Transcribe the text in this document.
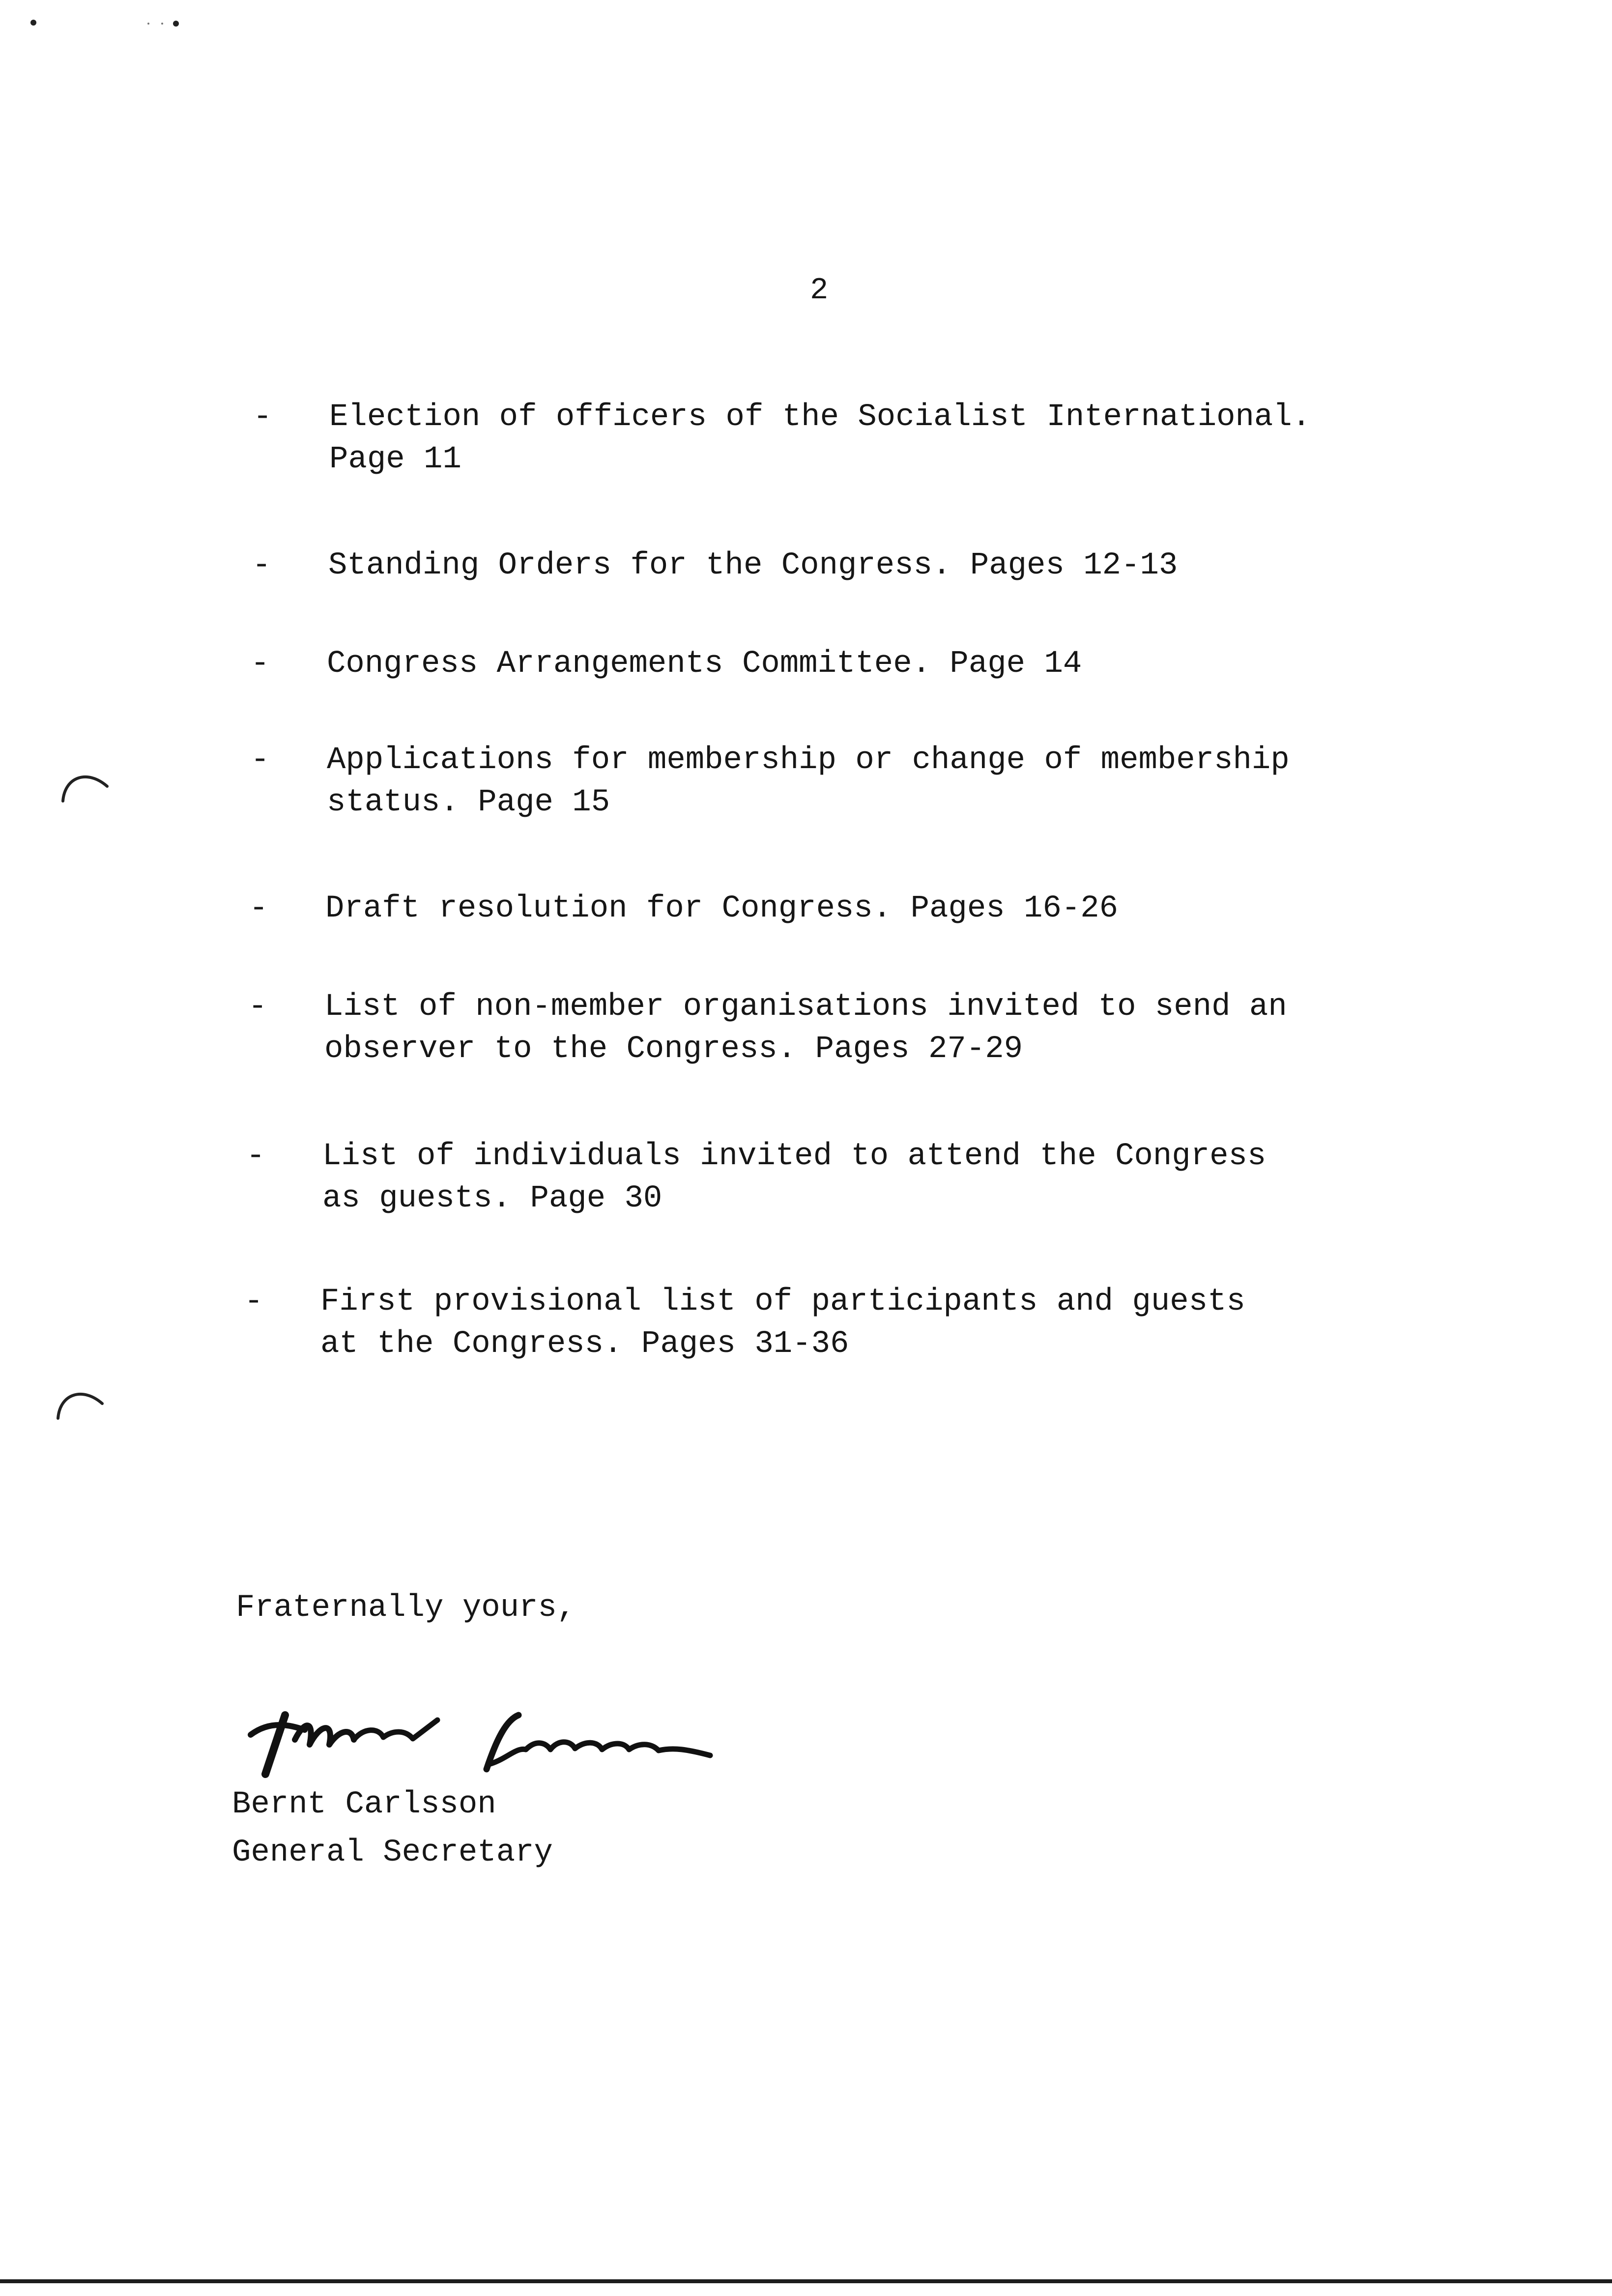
2
- Election of officers of the Socialist International.
Page 11
- Standing Orders for the Congress. Pages 12-13
- Congress Arrangements Committee. Page 14
- Applications for membership or change of membership
status. Page 15
- Draft resolution for Congress. Pages 16-26
- List of non-member organisations invited to send an
observer to the Congress. Pages 27-29
- List of individuals invited to attend the Congress
as guests. Page 30
- First provisional list of participants and guests
at the Congress. Pages 31-36
Fraternally yours,
Bernt Carlsson
General Secretary
